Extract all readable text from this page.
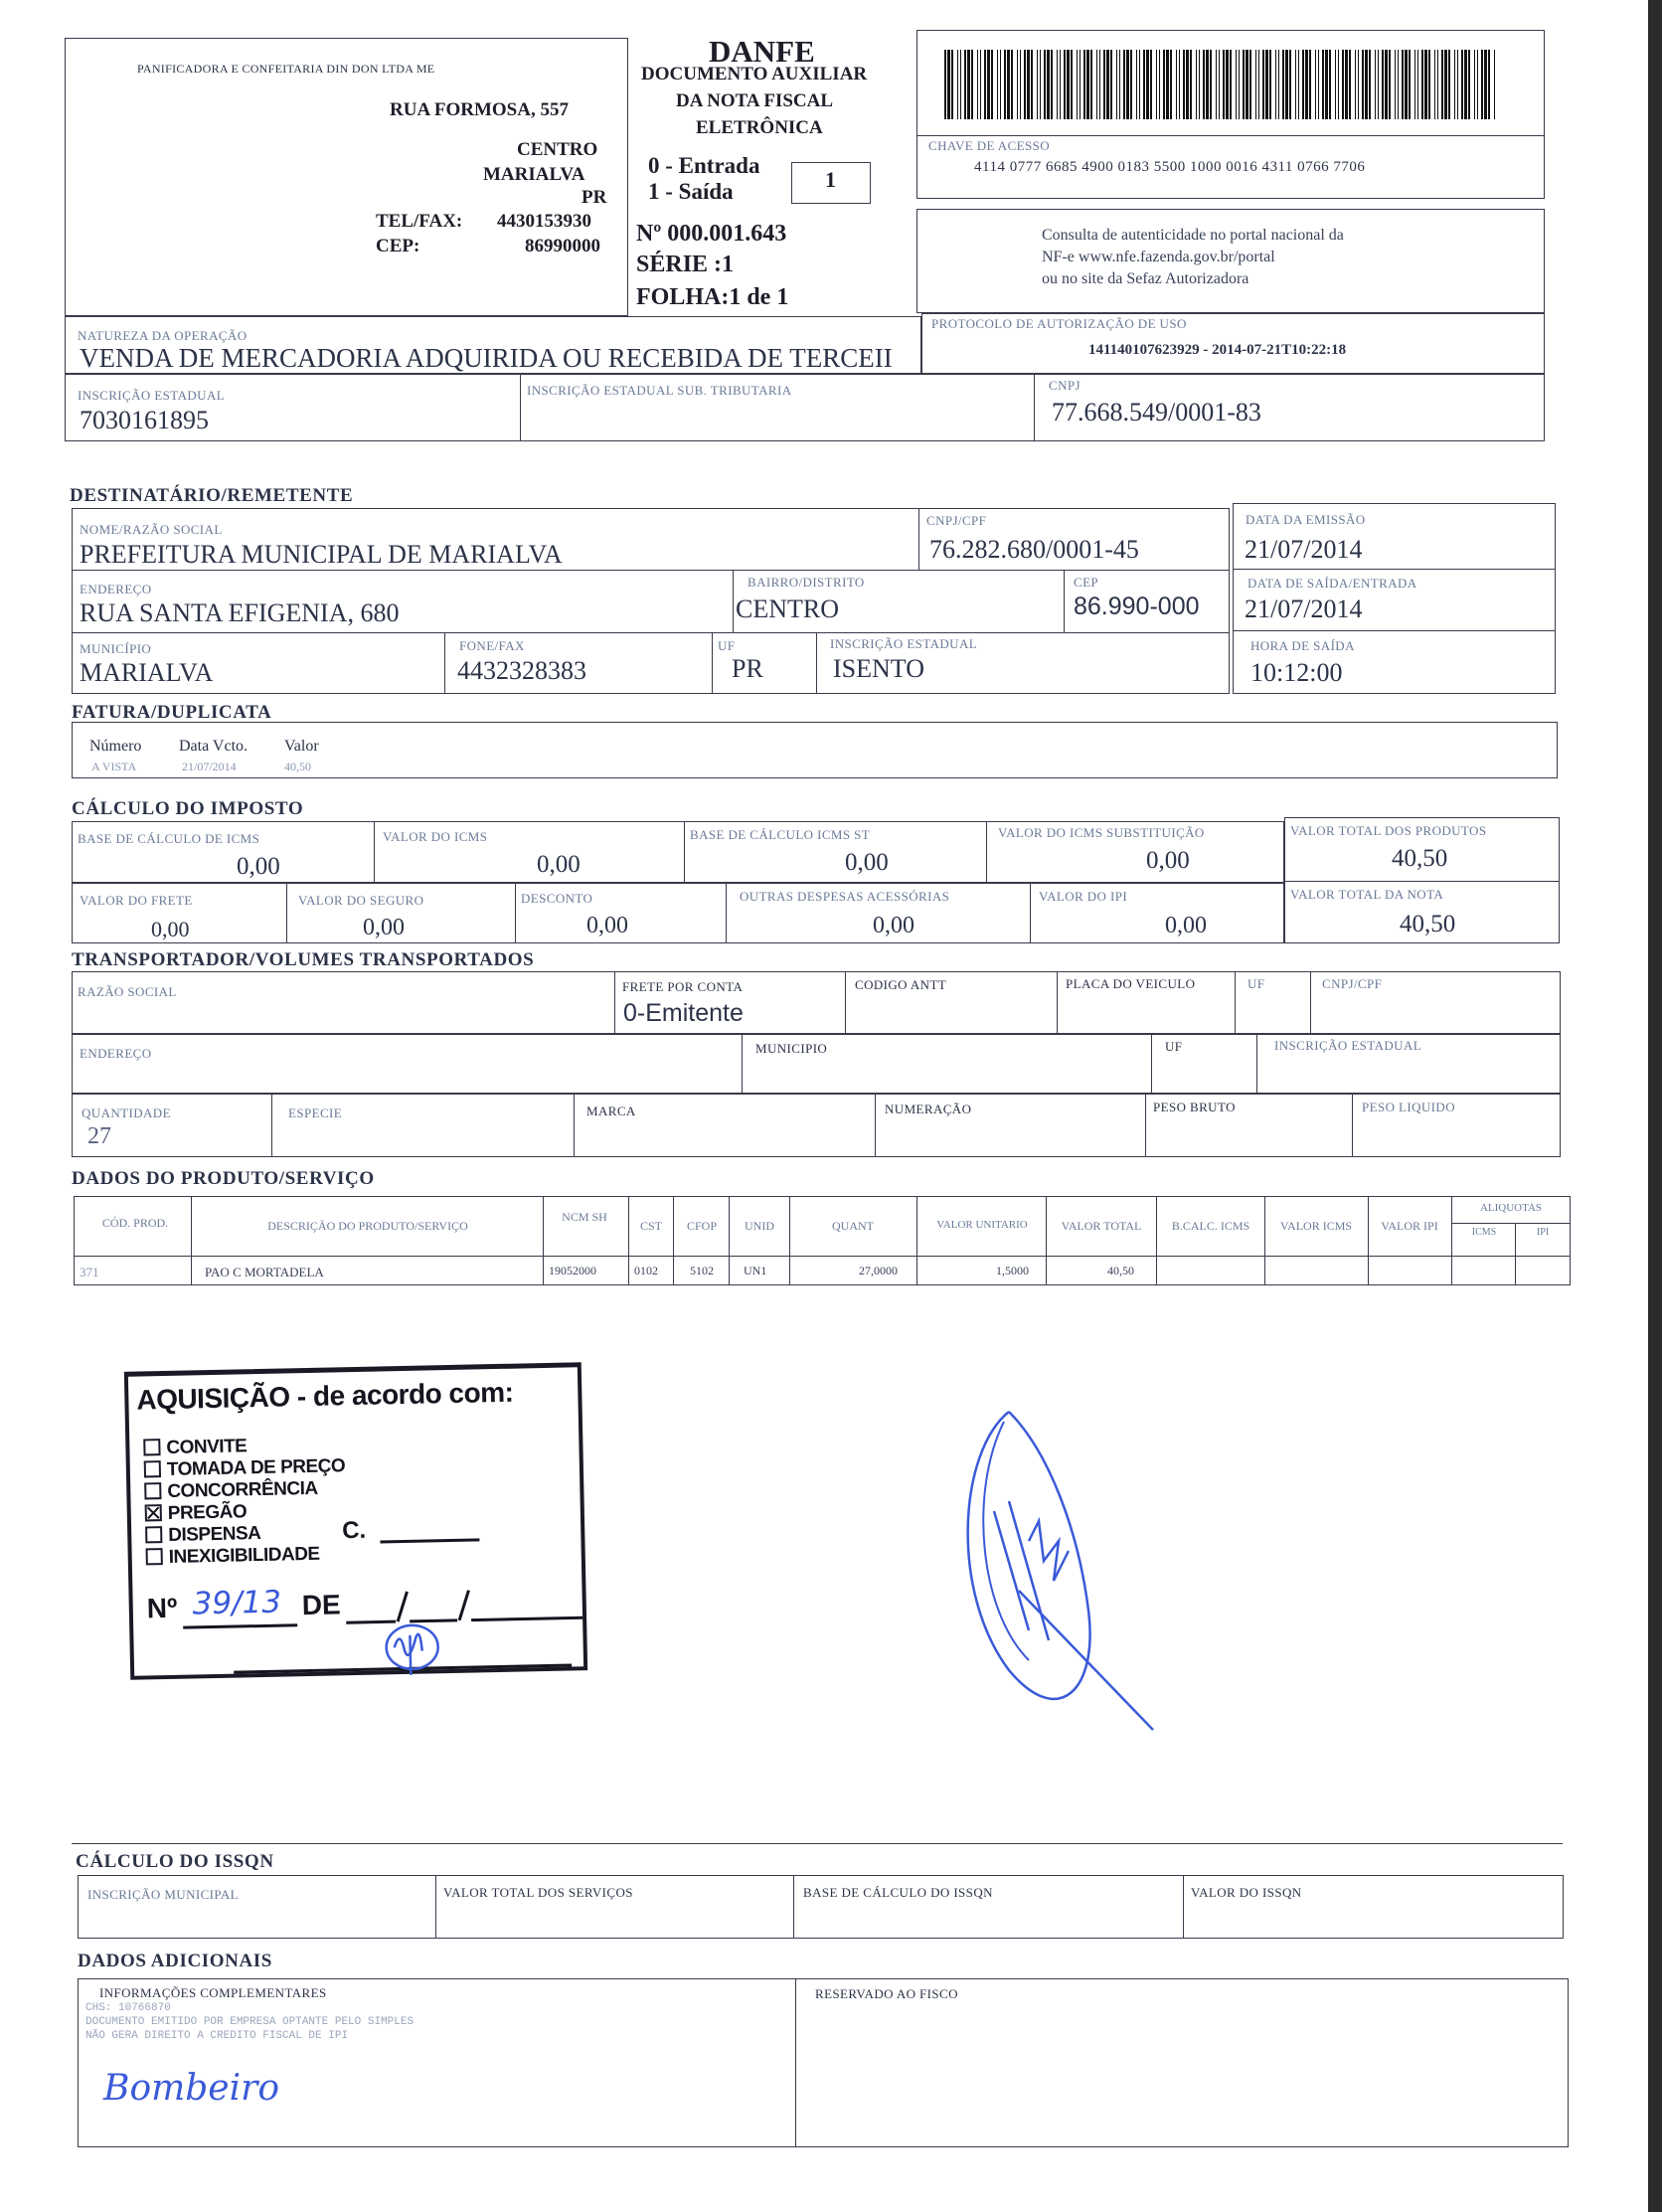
PANIFICADORA E CONFEITARIA DIN DON LTDA ME
RUA FORMOSA, 557
CENTRO
MARIALVA
PR
TEL/FAX: 4430153930
CEP:	86990000
DANFE
DOCUMENTO AUXILIAR
DA NOTA FISCAL
ELETRÔNICA
0 - Entrada
1 - Saída	1
Nº 000.001.643
SÉRIE :1
FOLHA:1 de 1
CHAVE DE ACESSO
4114 0777 6685 4900 0183 5500 1000 0016 4311 0766 7706
Consulta de autenticidade no portal nacional da
NF-e www.nfe.fazenda.gov.br/portal
ou no site da Sefaz Autorizadora
NATUREZA DA OPERAÇÃO
VENDA DE MERCADORIA ADQUIRIDA OU RECEBIDA DE TERCEII
PROTOCOLO DE AUTORIZAÇÃO DE USO
141140107623929 - 2014-07-21T10:22:18
INSCRIÇÃO ESTADUAL
7030161895
INSCRIÇÃO ESTADUAL SUB. TRIBUTARIA	CNPJ
77.668.549/0001-83
DESTINATÁRIO/REMETENTE
NOME/RAZÃO SOCIAL
PREFEITURA MUNICIPAL DE MARIALVA
CNPJ/CPF
76.282.680/0001-45
DATA DA EMISSÃO
21/07/2014
ENDEREÇO
RUA SANTA EFIGENIA, 680
BAIRRO/DISTRITO
CENTRO
CEP
86.990-000
DATA DE SAÍDA/ENTRADA
21/07/2014
MUNICÍPIO
MARIALVA
FONE/FAX
4432328383
UF
PR
INSCRIÇÃO ESTADUAL
ISENTO
HORA DE SAÍDA
10:12:00
FATURA/DUPLICATA
Número Data Vcto. Valor
A VISTA	21/07/2014	40,50
CÁLCULO DO IMPOSTO
BASE DE CÁLCULO DE ICMS
0,00
VALOR DO ICMS
0,00
BASE DE CÁLCULO ICMS ST
0,00
VALOR DO ICMS SUBSTITUIÇÃO
0,00
VALOR TOTAL DOS PRODUTOS
40,50
VALOR DO FRETE
0,00
VALOR DO SEGURO
0,00
DESCONTO
0,00
OUTRAS DESPESAS ACESSÓRIAS
0,00
VALOR DO IPI
0,00
VALOR TOTAL DA NOTA
40,50
TRANSPORTADOR/VOLUMES TRANSPORTADOS
RAZÃO SOCIAL	FRETE POR CONTA
0-Emitente
CODIGO ANTT	PLACA DO VEICULO	UF	CNPJ/CPF
ENDEREÇO	MUNICIPIO	UF	INSCRIÇÃO ESTADUAL
QUANTIDADE
27
ESPECIE	MARCA	NUMERAÇÃO	PESO BRUTO	PESO LIQUIDO
DADOS DO PRODUTO/SERVIÇO
CÓD. PROD.	DESCRIÇÃO DO PRODUTO/SERVIÇO
NCM SH
CST	CFOP	UNID	QUANT	VALOR UNITARIO	VALOR TOTAL	B.CALC. ICMS	VALOR ICMS	VALOR IPI
ALIQUOTAS
ICMS	IPI
371	PAO C MORTADELA	19052000	0102	5102	UN1	27,0000	1,5000	40,50
AQUISIÇÃO - de acordo com:
CONVITE
TOMADA DE PREÇO
CONCORRÊNCIA
PREGÃO
DISPENSA
INEXIGIBILIDADE
C.
Nº 39/13 DE
CÁLCULO DO ISSQN
INSCRIÇÃO MUNICIPAL	VALOR TOTAL DOS SERVIÇOS	BASE DE CÁLCULO DO ISSQN	VALOR DO ISSQN
DADOS ADICIONAIS
INFORMAÇÕES COMPLEMENTARES
CHS: 10766870
DOCUMENTO EMITIDO POR EMPRESA OPTANTE PELO SIMPLES
NÃO GERA DIREITO A CREDITO FISCAL DE IPI
Bombeiro
RESERVADO AO FISCO
